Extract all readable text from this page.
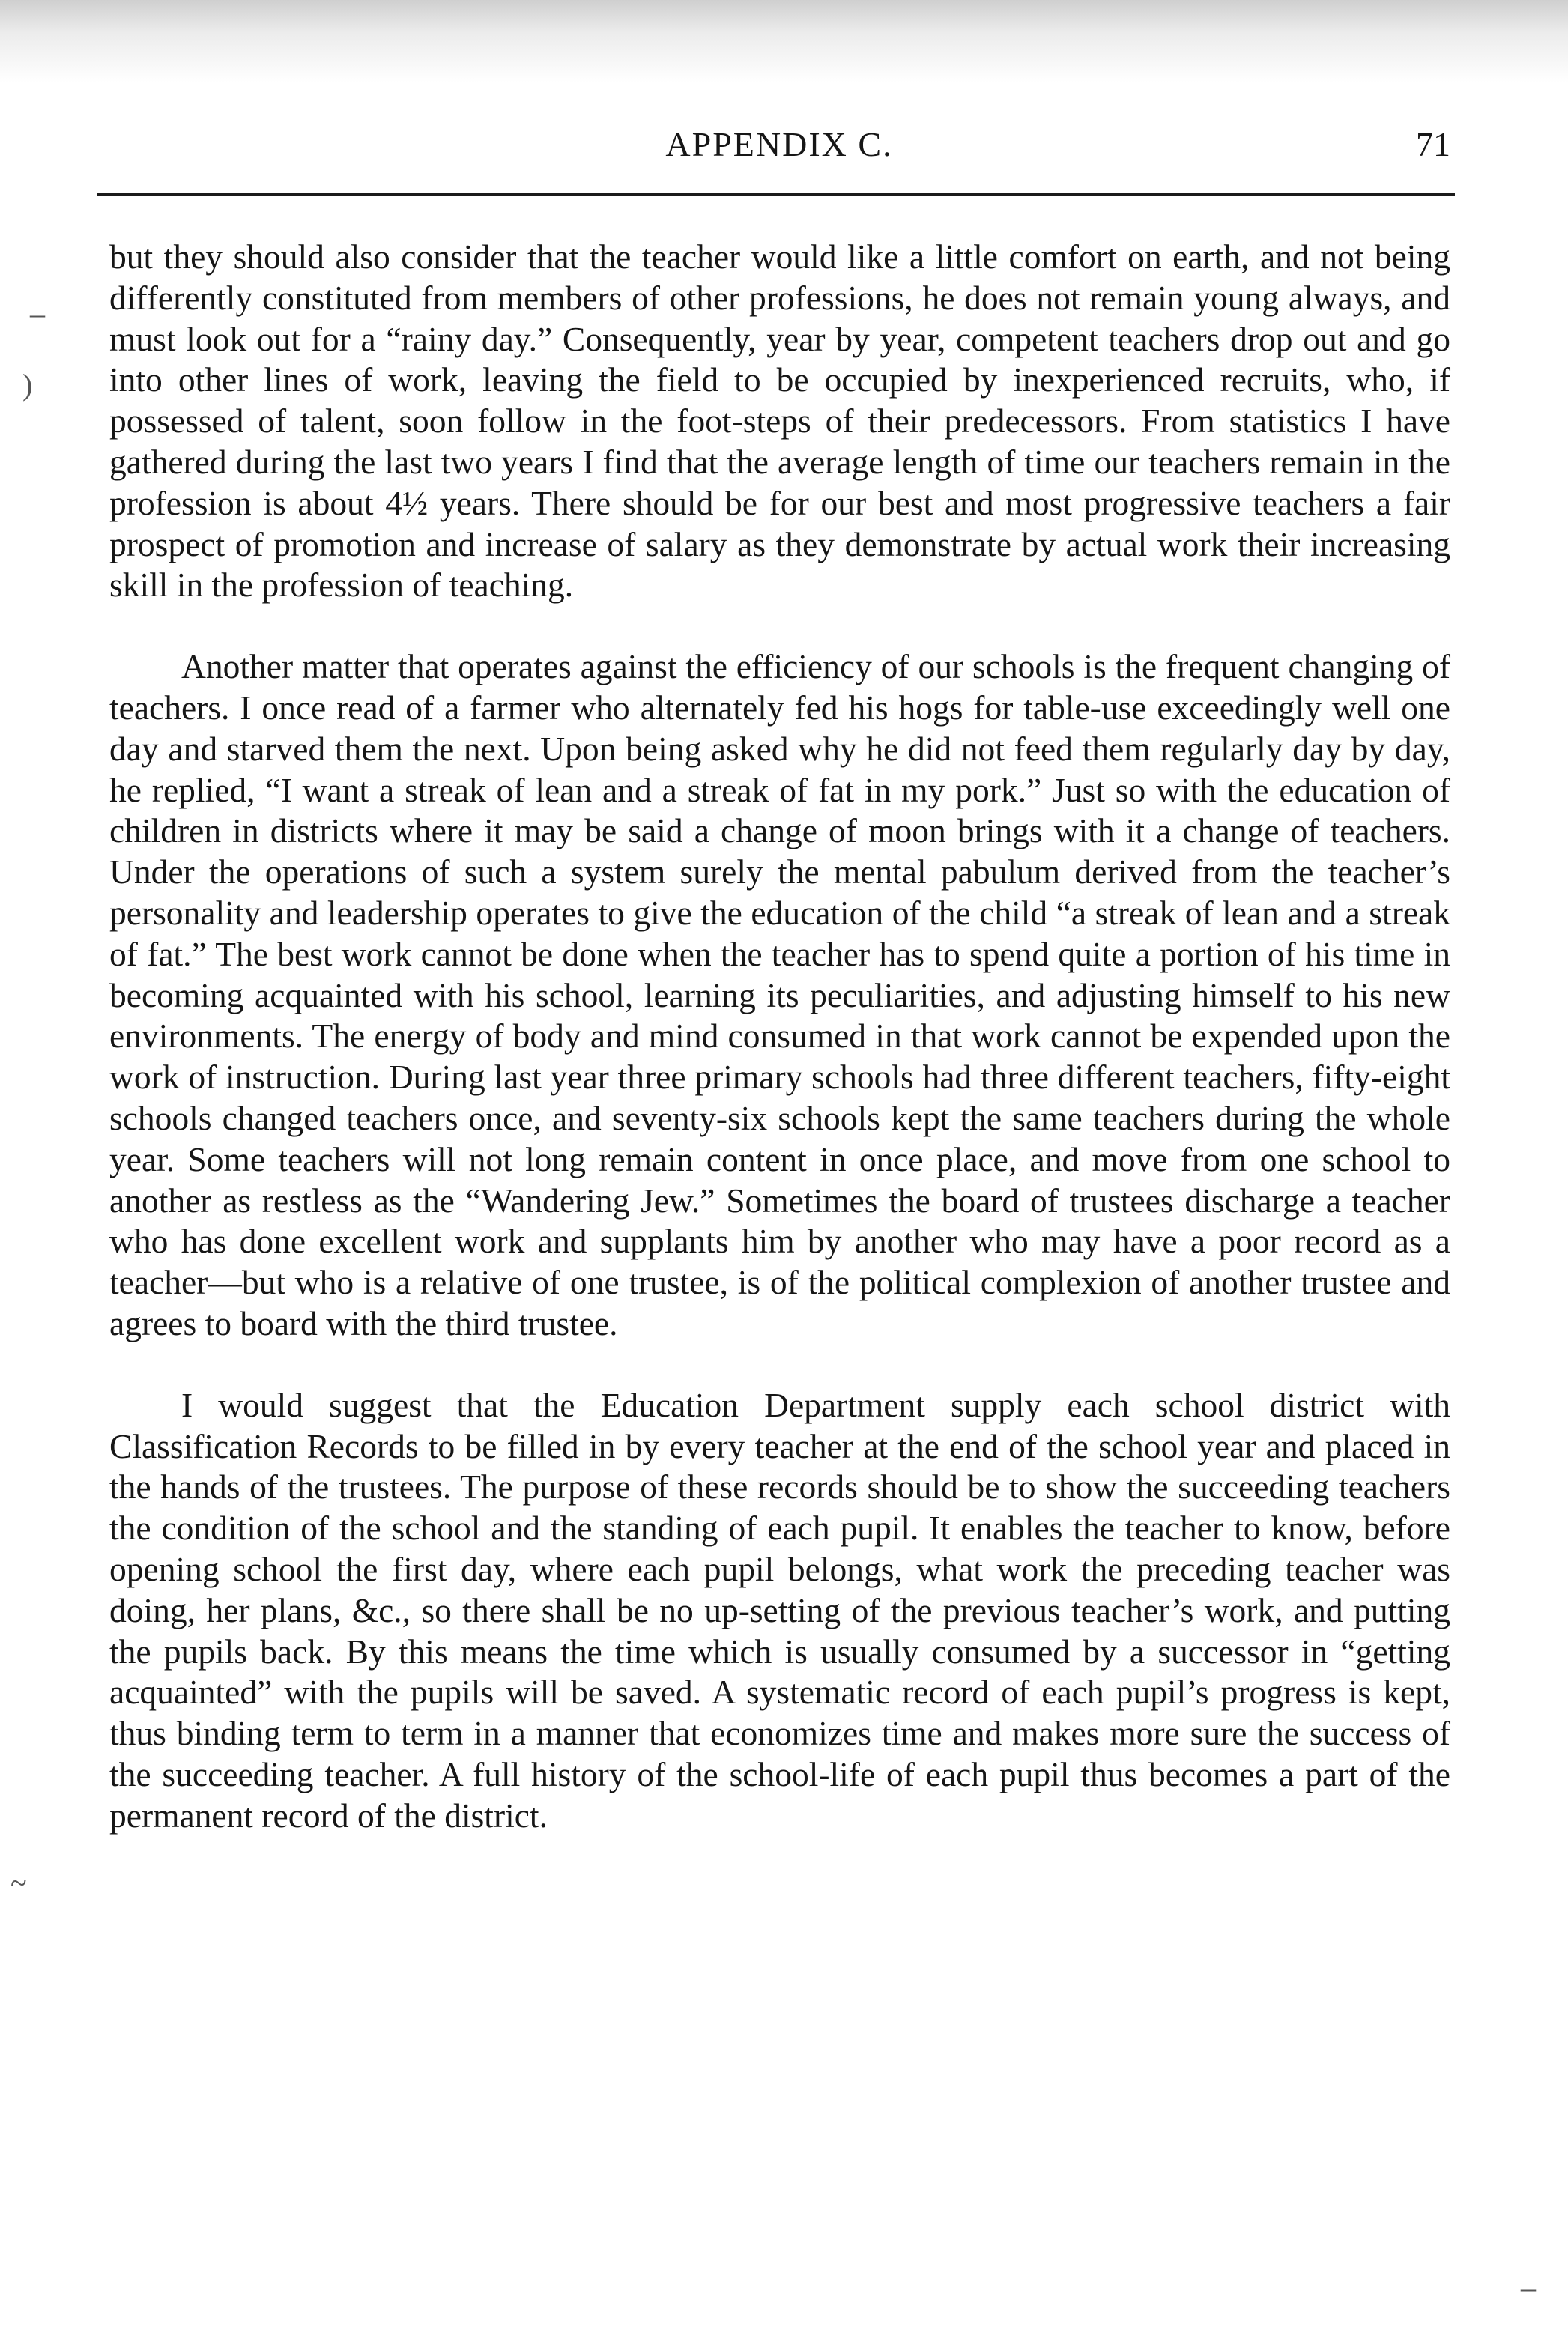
APPENDIX C.	71

but they should also consider that the teacher would like a little comfort on earth, and not being differently constituted from members of other professions, he does not remain young always, and must look out for a “rainy day.” Consequently, year by year, competent teachers drop out and go into other lines of work, leaving the field to be occupied by inexperienced recruits, who, if possessed of talent, soon follow in the foot-steps of their predecessors. From statistics I have gathered during the last two years I find that the average length of time our teachers remain in the profession is about 4½ years. There should be for our best and most progressive teachers a fair prospect of promotion and increase of salary as they demonstrate by actual work their increasing skill in the profession of teaching.

Another matter that operates against the efficiency of our schools is the frequent changing of teachers. I once read of a farmer who alternately fed his hogs for table-use exceedingly well one day and starved them the next. Upon being asked why he did not feed them regularly day by day, he replied, “I want a streak of lean and a streak of fat in my pork.” Just so with the education of children in districts where it may be said a change of moon brings with it a change of teachers. Under the operations of such a system surely the mental pabulum derived from the teacher’s personality and leadership operates to give the education of the child “a streak of lean and a streak of fat.” The best work cannot be done when the teacher has to spend quite a portion of his time in becoming acquainted with his school, learning its peculiarities, and adjusting himself to his new environments. The energy of body and mind consumed in that work cannot be expended upon the work of instruction. During last year three primary schools had three different teachers, fifty-eight schools changed teachers once, and seventy-six schools kept the same teachers during the whole year. Some teachers will not long remain content in once place, and move from one school to another as restless as the “Wandering Jew.” Sometimes the board of trustees discharge a teacher who has done excellent work and supplants him by another who may have a poor record as a teacher—but who is a relative of one trustee, is of the political complexion of another trustee and agrees to board with the third trustee.

I would suggest that the Education Department supply each school district with Classification Records to be filled in by every teacher at the end of the school year and placed in the hands of the trustees. The purpose of these records should be to show the succeeding teachers the condition of the school and the standing of each pupil. It enables the teacher to know, before opening school the first day, where each pupil belongs, what work the preceding teacher was doing, her plans, &c., so there shall be no up-setting of the previous teacher’s work, and putting the pupils back. By this means the time which is usually consumed by a successor in “getting acquainted” with the pupils will be saved. A systematic record of each pupil’s progress is kept, thus binding term to term in a manner that economizes time and makes more sure the success of the succeeding teacher. A full history of the school-life of each pupil thus becomes a part of the permanent record of the district.

–
)
~
–
